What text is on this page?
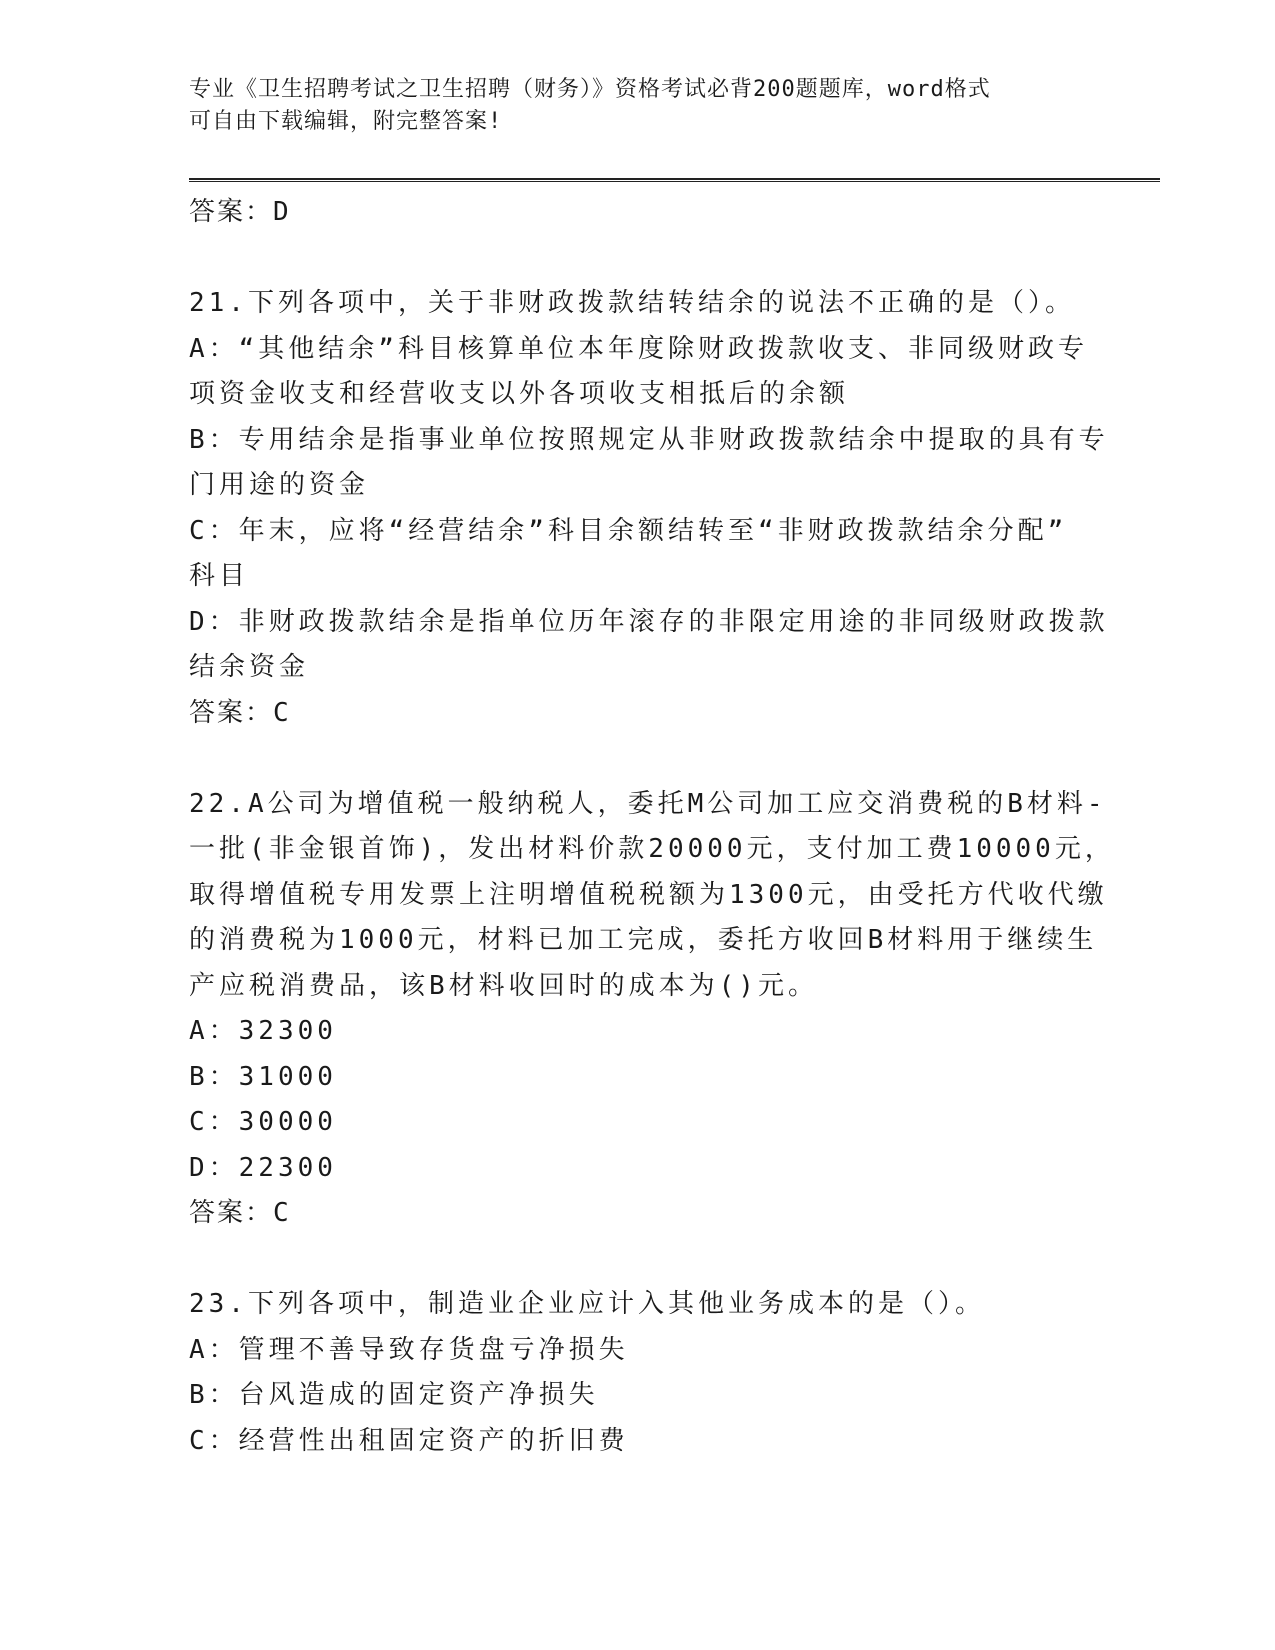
专业《卫生招聘考试之卫生招聘（财务）》资格考试必背200题题库，word格式
可自由下载编辑，附完整答案!
答案：D
21.下列各项中，关于非财政拨款结转结余的说法不正确的是（）。
A：“其他结余”科目核算单位本年度除财政拨款收支、非同级财政专
项资金收支和经营收支以外各项收支相抵后的余额
B：专用结余是指事业单位按照规定从非财政拨款结余中提取的具有专
门用途的资金
C：年末，应将“经营结余”科目余额结转至“非财政拨款结余分配”
科目
D：非财政拨款结余是指单位历年滚存的非限定用途的非同级财政拨款
结余资金
答案：C
22.A公司为增值税一般纳税人，委托M公司加工应交消费税的B材料-
一批(非金银首饰)，发出材料价款20000元，支付加工费10000元，
取得增值税专用发票上注明增值税税额为1300元，由受托方代收代缴
的消费税为1000元，材料已加工完成，委托方收回B材料用于继续生
产应税消费品，该B材料收回时的成本为()元。
A：32300
B：31000
C：30000
D：22300
答案：C
23.下列各项中，制造业企业应计入其他业务成本的是（）。
A：管理不善导致存货盘亏净损失
B：台风造成的固定资产净损失
C：经营性出租固定资产的折旧费
